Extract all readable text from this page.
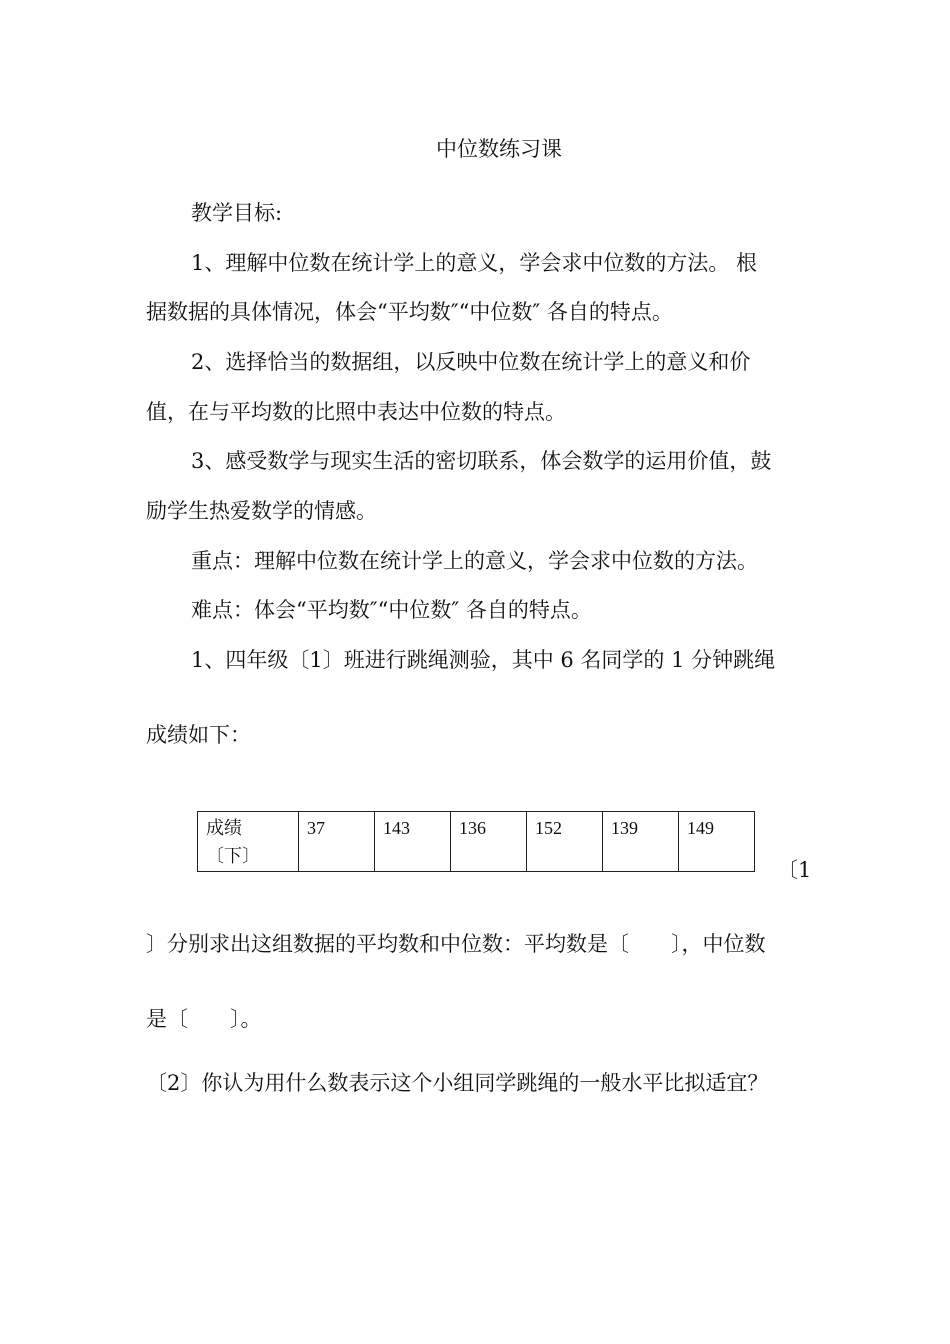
中位数练习课
教学目标:
1、理解中位数在统计学上的意义，学会求中位数的方法。 根
据数据的具体情况，体会“平均数″“中位数″ 各自的特点。
2、选择恰当的数据组，以反映中位数在统计学上的意义和价
值，在与平均数的比照中表达中位数的特点。
3、感受数学与现实生活的密切联系，体会数学的运用价值，鼓
励学生热爱数学的情感。
重点：理解中位数在统计学上的意义，学会求中位数的方法。
难点：体会“平均数″“中位数″ 各自的特点。
1、四年级〔1〕班进行跳绳测验，其中 6 名同学的 1 分钟跳绳
成绩如下：
成绩
〔下〕
	37	143	136	152	139	149
〔1
〕分别求出这组数据的平均数和中位数：平均数是〔　　〕，中位数
是〔　　〕。
〔2〕你认为用什么数表示这个小组同学跳绳的一般水平比拟适宜？
